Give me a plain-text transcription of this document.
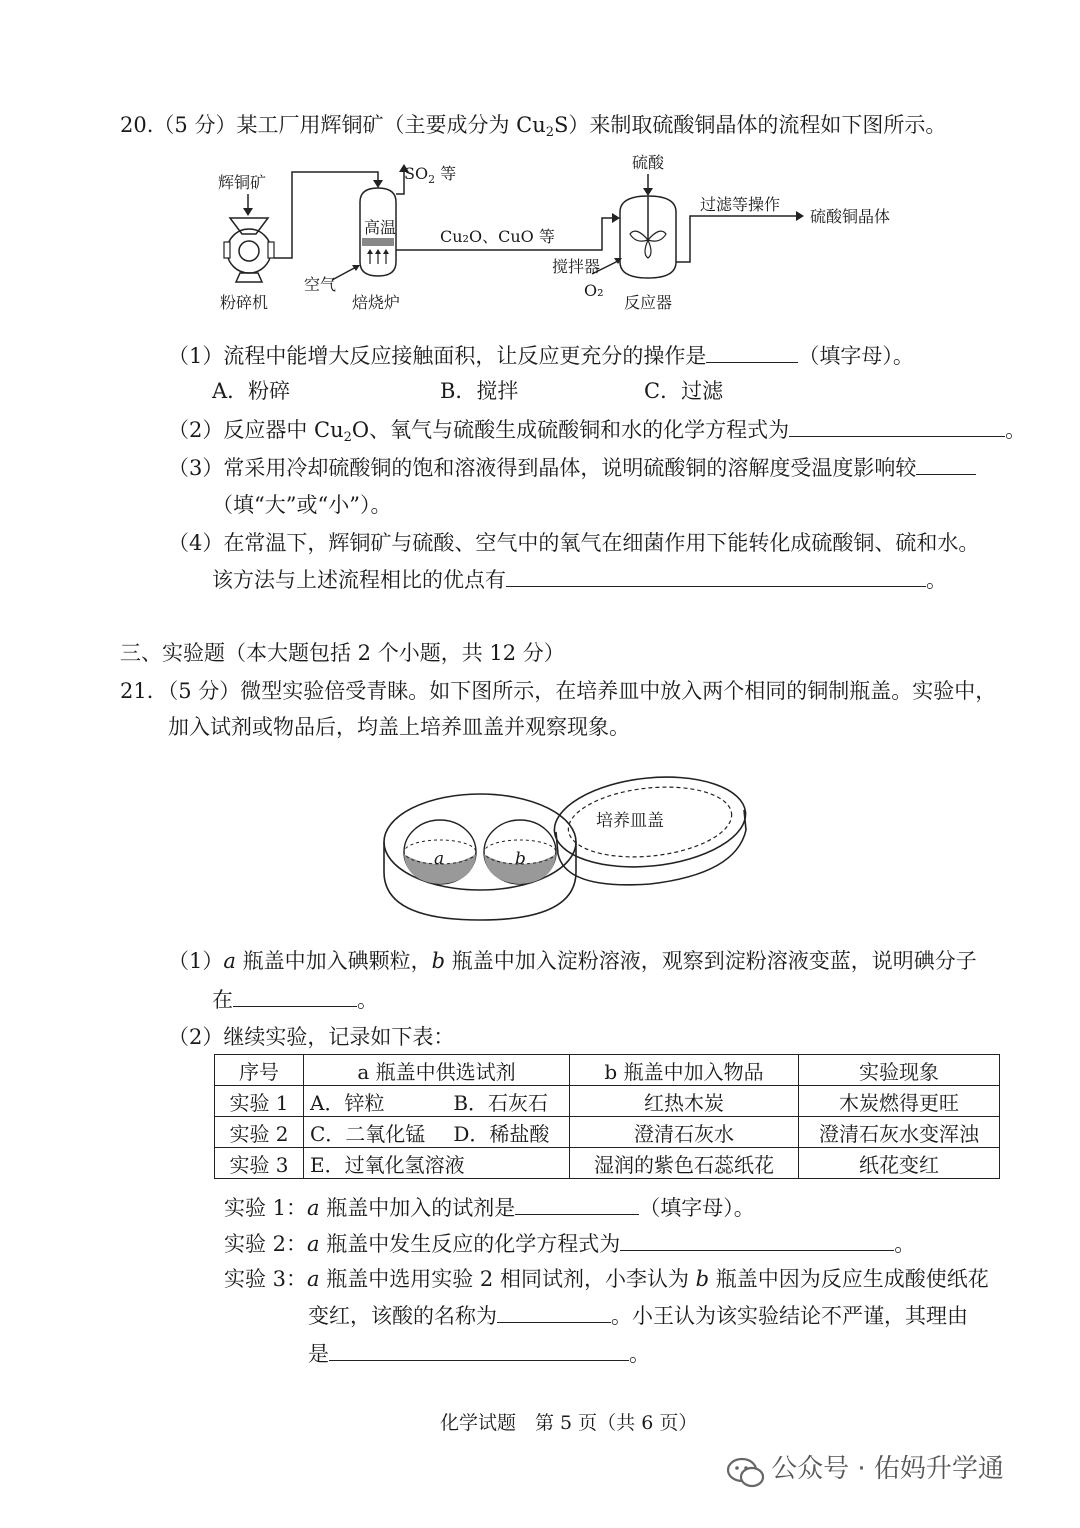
20.（5 分）某工厂用辉铜矿（主要成分为 $Cu_2S$）来制取硫酸铜晶体的流程如下图所示。
辉铜矿
粉碎机
高温
$SO_2$ 等
空气
焙烧炉
Cu₂O、CuO 等
硫酸
搅拌器
O₂
反应器
过滤等操作
硫酸铜晶体
（1）流程中能增大反应接触面积，让反应更充分的操作是	（填字母）。
A．粉碎	B．搅拌	C．过滤
（2）反应器中 $Cu_2O$、氧气与硫酸生成硫酸铜和水的化学方程式为	。
（3）常采用冷却硫酸铜的饱和溶液得到晶体，说明硫酸铜的溶解度受温度影响较
（填“大”或“小”）。
（4）在常温下，辉铜矿与硫酸、空气中的氧气在细菌作用下能转化成硫酸铜、硫和水。
该方法与上述流程相比的优点有	。
三、实验题（本大题包括 2 个小题，共 12 分）
21．（5 分）微型实验倍受青睐。如下图所示，在培养皿中放入两个相同的铜制瓶盖。实验中，
加入试剂或物品后，均盖上培养皿盖并观察现象。
a	b
培养皿盖
（1）a 瓶盖中加入碘颗粒，b 瓶盖中加入淀粉溶液，观察到淀粉溶液变蓝，说明碘分子
在	。
（2）继续实验，记录如下表：
序号	a 瓶盖中供选试剂		b 瓶盖中加入物品	实验现象
实验 1	A．锌粒	B．石灰石	红热木炭	木炭燃得更旺
实验 2	C．二氧化锰	D．稀盐酸	澄清石灰水	澄清石灰水变浑浊
实验 3	E．过氧化氢溶液		湿润的紫色石蕊纸花	纸花变红
实验 1：a 瓶盖中加入的试剂是	（填字母）。
实验 2：a 瓶盖中发生反应的化学方程式为	。
实验 3：a 瓶盖中选用实验 2 相同试剂，小李认为 b 瓶盖中因为反应生成酸使纸花
变红，该酸的名称为	。小王认为该实验结论不严谨，其理由
是	。
化学试题　第 5 页（共 6 页）
公众号 · 佑妈升学通
